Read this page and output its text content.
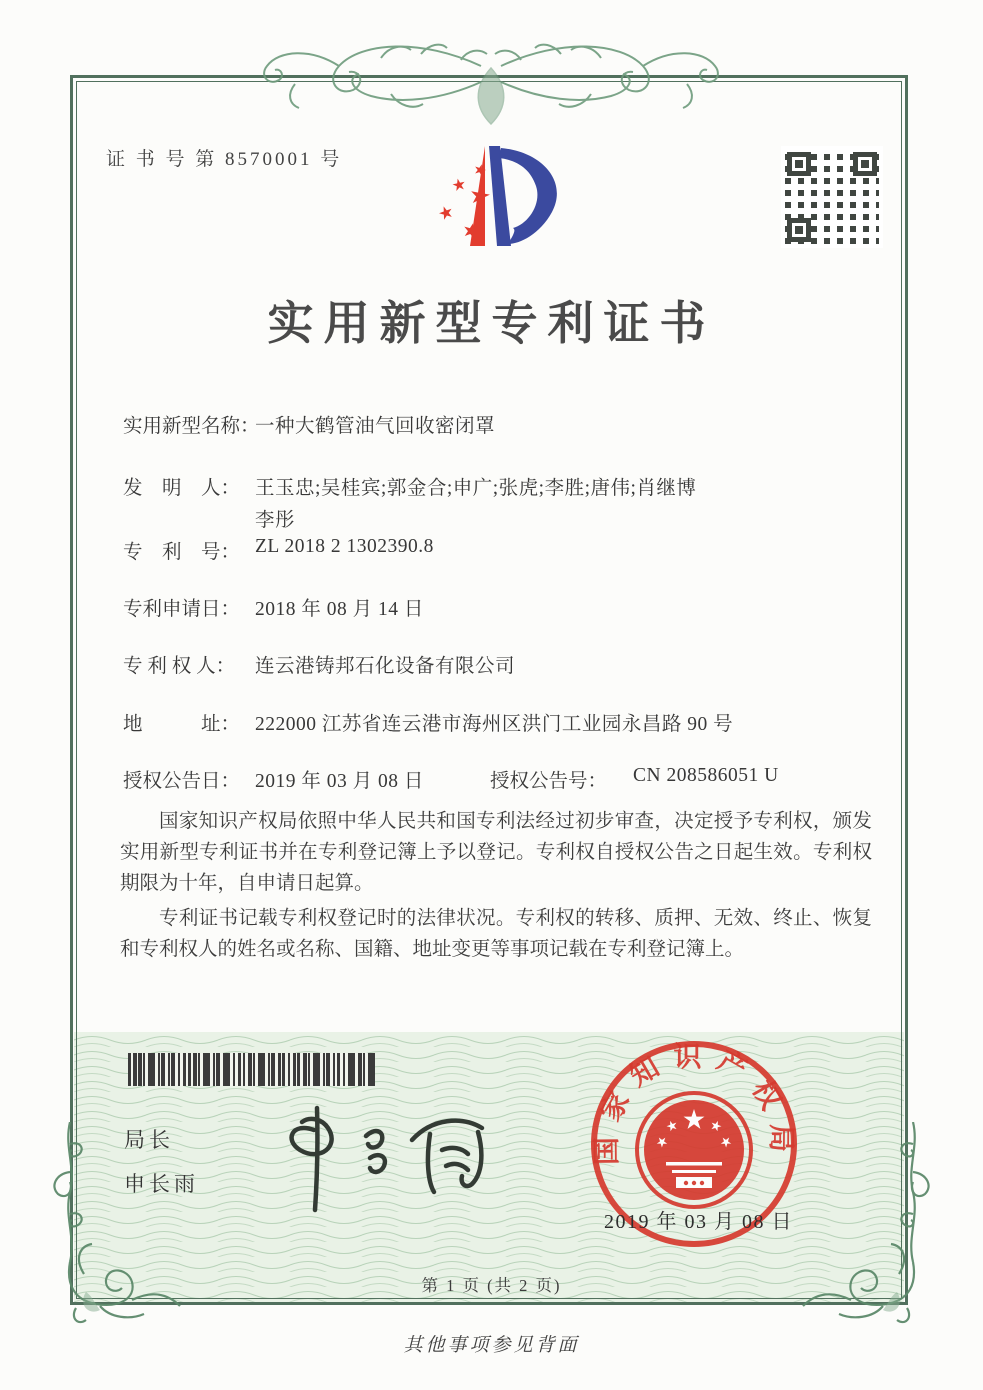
证 书 号 第 8570001 号
实用新型专利证书
实用新型名称：
一种大鹤管油气回收密闭罩
发　明　人： 王玉忠;吴桂宾;郭金合;申广;张虎;李胜;唐伟;肖继博
李彤
专　利　号： ZL 2018 2 1302390.8
专利申请日： 2018 年 08 月 14 日
专 利 权 人： 连云港铸邦石化设备有限公司
地　　　址： 222000 江苏省连云港市海州区洪门工业园永昌路 90 号
授权公告日： 2019 年 03 月 08 日	授权公告号： CN 208586051 U

国家知识产权局依照中华人民共和国专利法经过初步审查，决定授予专利权，颁发实用新型专利证书并在专利登记簿上予以登记。专利权自授权公告之日起生效。专利权期限为十年，自申请日起算。

专利证书记载专利权登记时的法律状况。专利权的转移、质押、无效、终止、恢复和专利权人的姓名或名称、国籍、地址变更等事项记载在专利登记簿上。

局长
申长雨
国家知识产权局
2019 年 03 月 08 日
第 1 页 (共 2 页)
其他事项参见背面
